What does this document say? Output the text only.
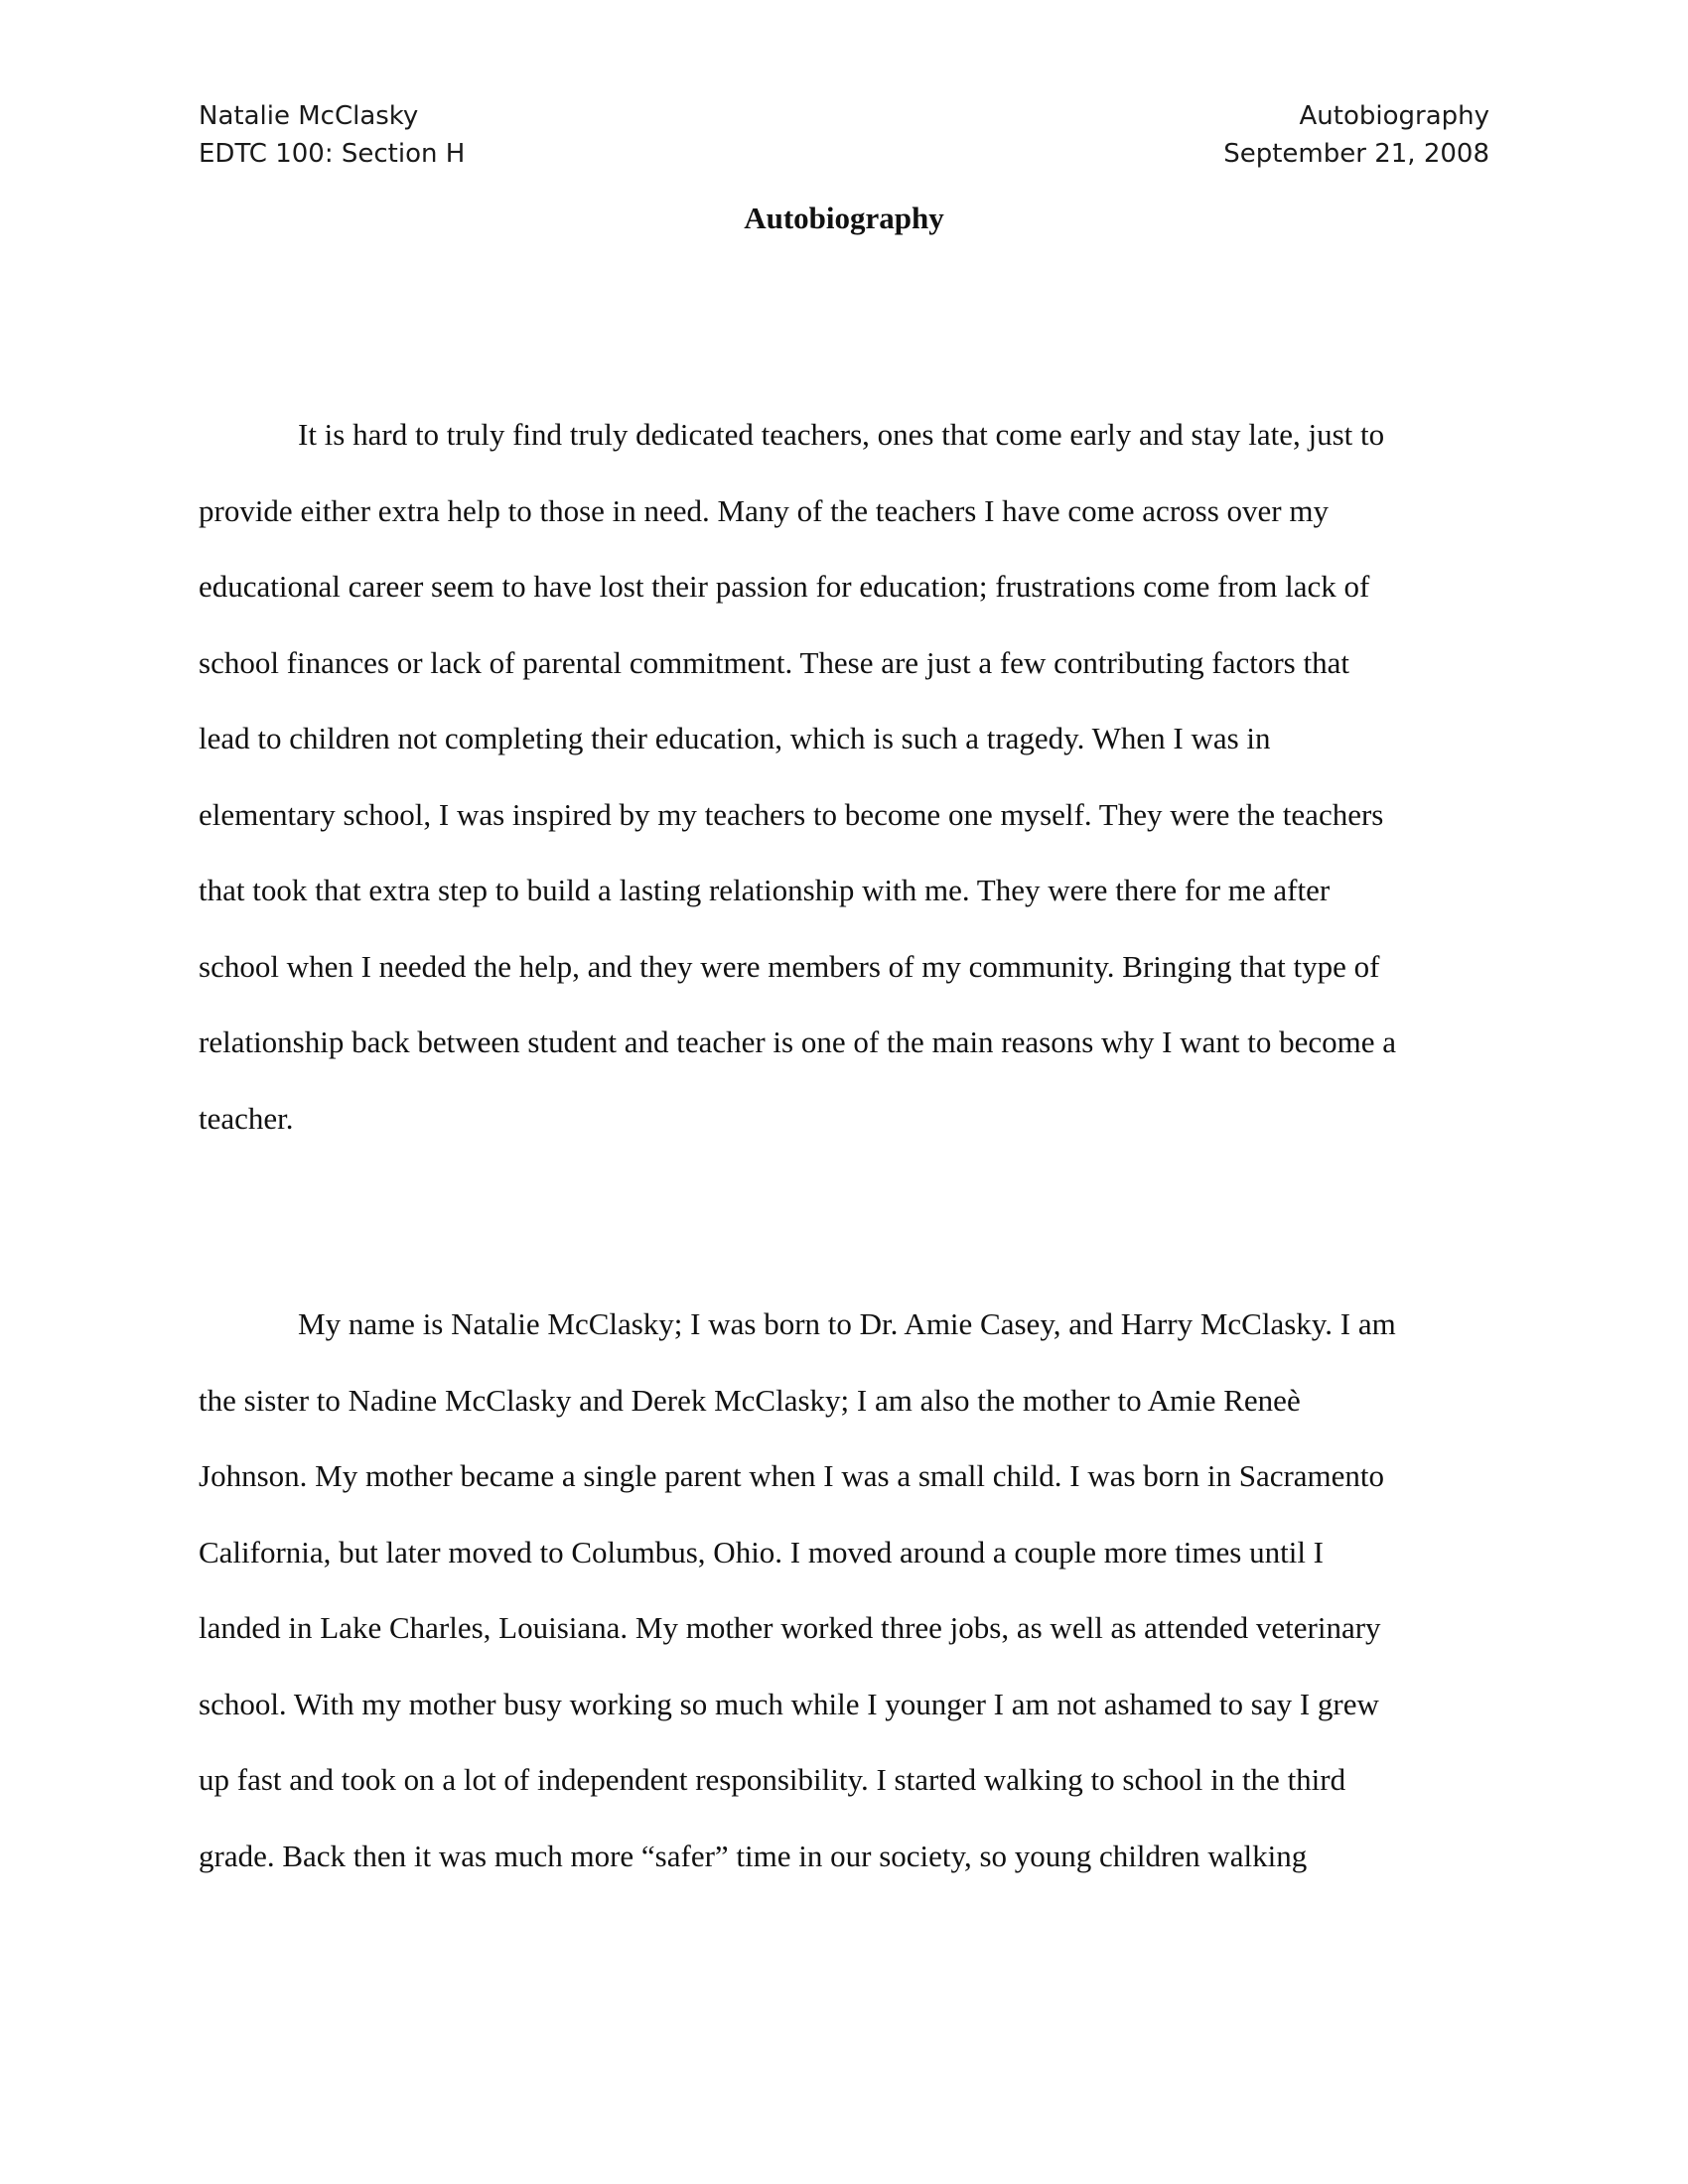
Natalie McClasky
EDTC 100: Section H
Autobiography
September 21, 2008
Autobiography
It is hard to truly find truly dedicated teachers, ones that come early and stay late, just to
provide either extra help to those in need. Many of the teachers I have come across over my
educational career seem to have lost their passion for education; frustrations come from lack of
school finances or lack of parental commitment. These are just a few contributing factors that
lead to children not completing their education, which is such a tragedy. When I was in
elementary school, I was inspired by my teachers to become one myself. They were the teachers
that took that extra step to build a lasting relationship with me. They were there for me after
school when I needed the help, and they were members of my community. Bringing that type of
relationship back between student and teacher is one of the main reasons why I want to become a
teacher.
My name is Natalie McClasky; I was born to Dr. Amie Casey, and Harry McClasky. I am
the sister to Nadine McClasky and Derek McClasky; I am also the mother to Amie Reneè
Johnson. My mother became a single parent when I was a small child. I was born in Sacramento
California, but later moved to Columbus, Ohio. I moved around a couple more times until I
landed in Lake Charles, Louisiana. My mother worked three jobs, as well as attended veterinary
school. With my mother busy working so much while I younger I am not ashamed to say I grew
up fast and took on a lot of independent responsibility. I started walking to school in the third
grade. Back then it was much more “safer” time in our society, so young children walking
